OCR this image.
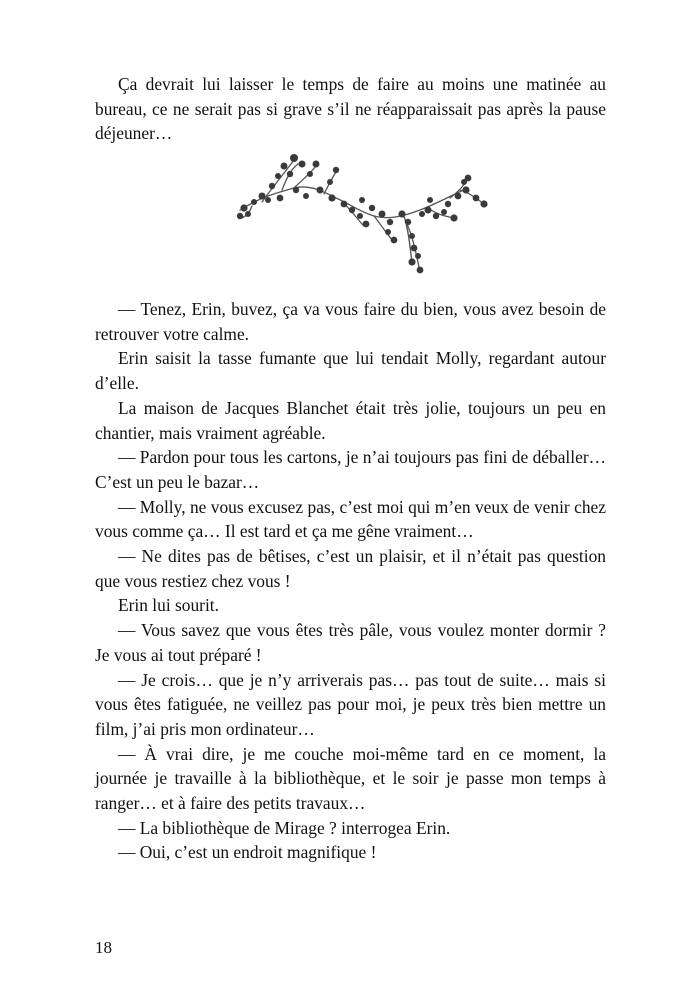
Ça devrait lui laisser le temps de faire au moins une matinée au bureau, ce ne serait pas si grave s’il ne réapparaissait pas après la pause déjeuner…

— Tenez, Erin, buvez, ça va vous faire du bien, vous avez besoin de retrouver votre calme.

Erin saisit la tasse fumante que lui tendait Molly, regardant autour d’elle.

La maison de Jacques Blanchet était très jolie, toujours un peu en chantier, mais vraiment agréable.

— Pardon pour tous les cartons, je n’ai toujours pas fini de déballer… C’est un peu le bazar…

— Molly, ne vous excusez pas, c’est moi qui m’en veux de venir chez vous comme ça… Il est tard et ça me gêne vraiment…

— Ne dites pas de bêtises, c’est un plaisir, et il n’était pas question que vous restiez chez vous !

Erin lui sourit.

— Vous savez que vous êtes très pâle, vous voulez monter dormir ? Je vous ai tout préparé !

— Je crois… que je n’y arriverais pas… pas tout de suite… mais si vous êtes fatiguée, ne veillez pas pour moi, je peux très bien mettre un film, j’ai pris mon ordinateur…

— À vrai dire, je me couche moi-même tard en ce moment, la journée je travaille à la bibliothèque, et le soir je passe mon temps à ranger… et à faire des petits travaux…

— La bibliothèque de Mirage ? interrogea Erin.

— Oui, c’est un endroit magnifique !

18
